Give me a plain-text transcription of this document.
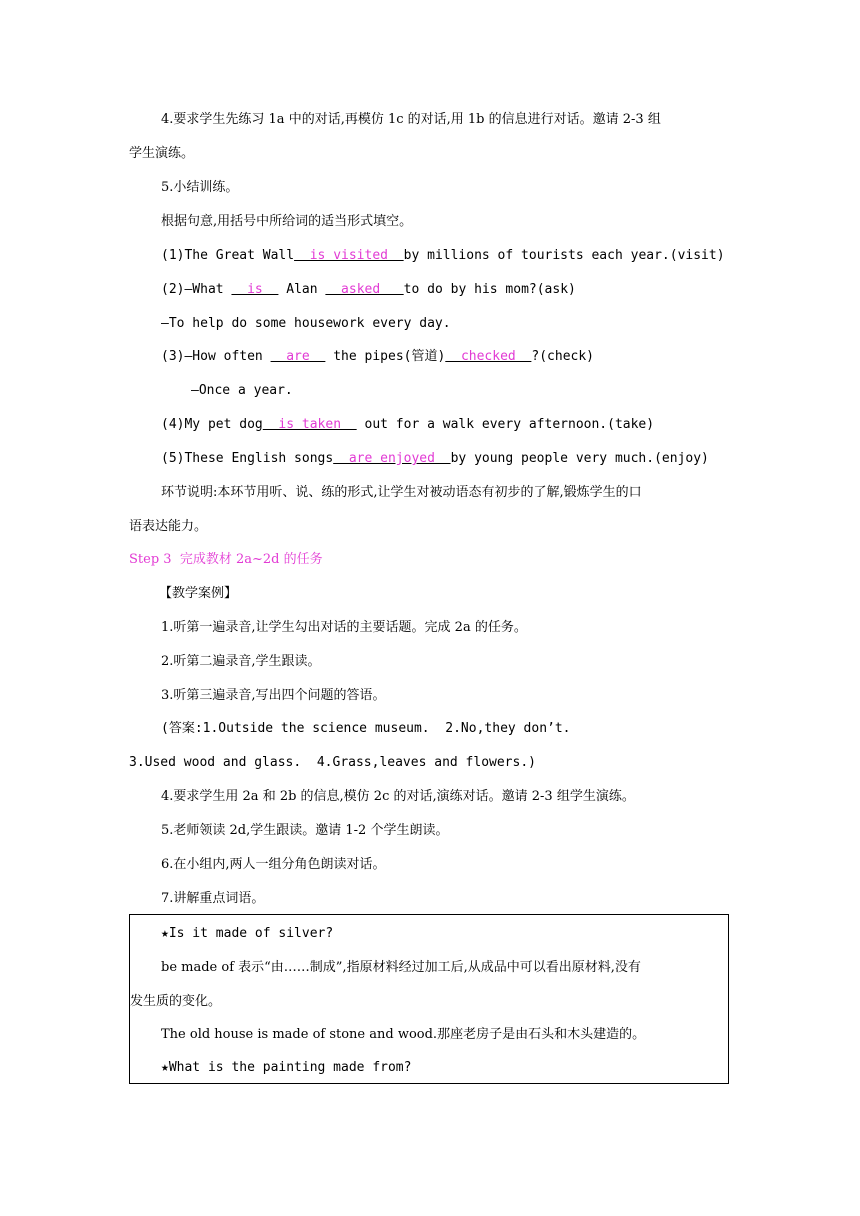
4.要求学生先练习 1a 中的对话,再模仿 1c 的对话,用 1b 的信息进行对话。邀请 2-3 组
学生演练。
5.小结训练。
根据句意,用括号中所给词的适当形式填空。
(1)The Great Wall  is visited  by millions of tourists each year.(visit)
(2)—What   is   Alan   asked   to do by his mom?(ask)
—To help do some housework every day.
(3)—How often   are   the pipes(管道)  checked  ?(check)
—Once a year.
(4)My pet dog  is taken   out for a walk every afternoon.(take)
(5)These English songs  are enjoyed  by young people very much.(enjoy)
环节说明:本环节用听、说、练的形式,让学生对被动语态有初步的了解,锻炼学生的口
语表达能力。
Step 3  完成教材 2a~2d 的任务
【教学案例】
1.听第一遍录音,让学生勾出对话的主要话题。完成 2a 的任务。
2.听第二遍录音,学生跟读。
3.听第三遍录音,写出四个问题的答语。
(答案:1.Outside the science museum.  2.No,they don’t.
3.Used wood and glass.  4.Grass,leaves and flowers.)
4.要求学生用 2a 和 2b 的信息,模仿 2c 的对话,演练对话。邀请 2-3 组学生演练。
5.老师领读 2d,学生跟读。邀请 1-2 个学生朗读。
6.在小组内,两人一组分角色朗读对话。
7.讲解重点词语。
★Is it made of silver?
be made of 表示“由……制成”,指原材料经过加工后,从成品中可以看出原材料,没有
发生质的变化。
The old house is made of stone and wood.那座老房子是由石头和木头建造的。
★What is the painting made from?
